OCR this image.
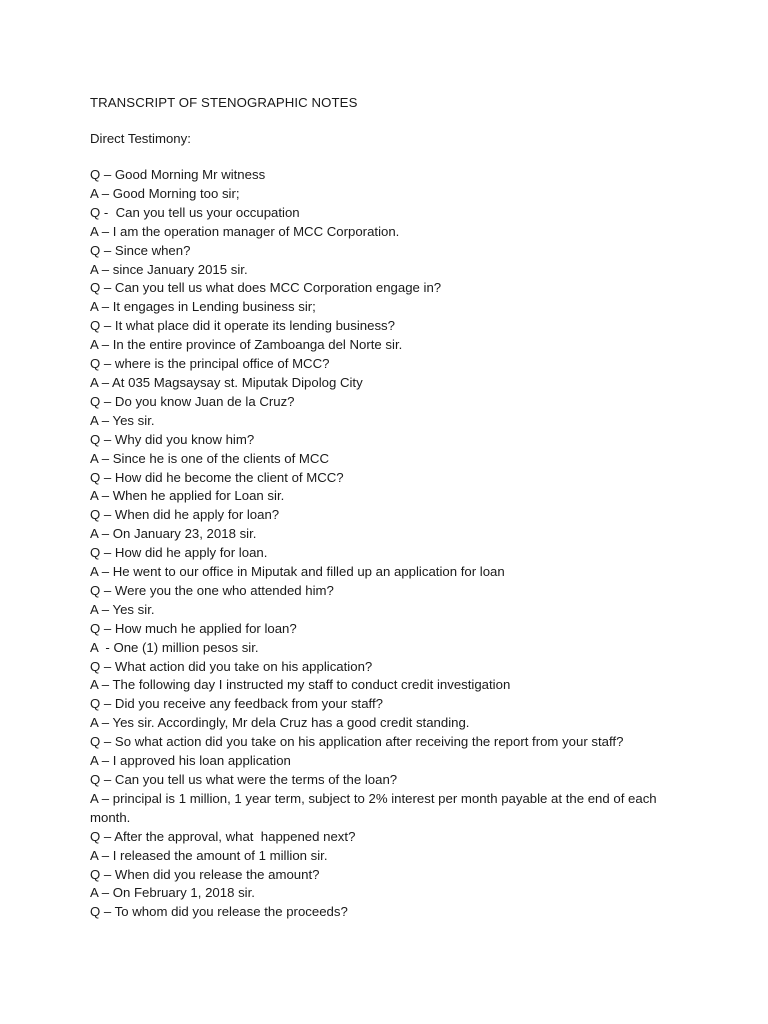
TRANSCRIPT OF STENOGRAPHIC NOTES
Direct Testimony:
Q – Good Morning Mr witness
A – Good Morning too sir;
Q -  Can you tell us your occupation
A – I am the operation manager of MCC Corporation.
Q – Since when?
A – since January 2015 sir.
Q – Can you tell us what does MCC Corporation engage in?
A – It engages in Lending business sir;
Q – It what place did it operate its lending business?
A – In the entire province of Zamboanga del Norte sir.
Q – where is the principal office of MCC?
A – At 035 Magsaysay st. Miputak Dipolog City
Q – Do you know Juan de la Cruz?
A – Yes sir.
Q – Why did you know him?
A – Since he is one of the clients of MCC
Q – How did he become the client of MCC?
A – When he applied for Loan sir.
Q – When did he apply for loan?
A – On January 23, 2018 sir.
Q – How did he apply for loan.
A – He went to our office in Miputak and filled up an application for loan
Q – Were you the one who attended him?
A – Yes sir.
Q – How much he applied for loan?
A  - One (1) million pesos sir.
Q – What action did you take on his application?
A – The following day I instructed my staff to conduct credit investigation
Q – Did you receive any feedback from your staff?
A – Yes sir. Accordingly, Mr dela Cruz has a good credit standing.
Q – So what action did you take on his application after receiving the report from your staff?
A – I approved his loan application
Q – Can you tell us what were the terms of the loan?
A – principal is 1 million, 1 year term, subject to 2% interest per month payable at the end of each month.
Q – After the approval, what  happened next?
A – I released the amount of 1 million sir.
Q – When did you release the amount?
A – On February 1, 2018 sir.
Q – To whom did you release the proceeds?
